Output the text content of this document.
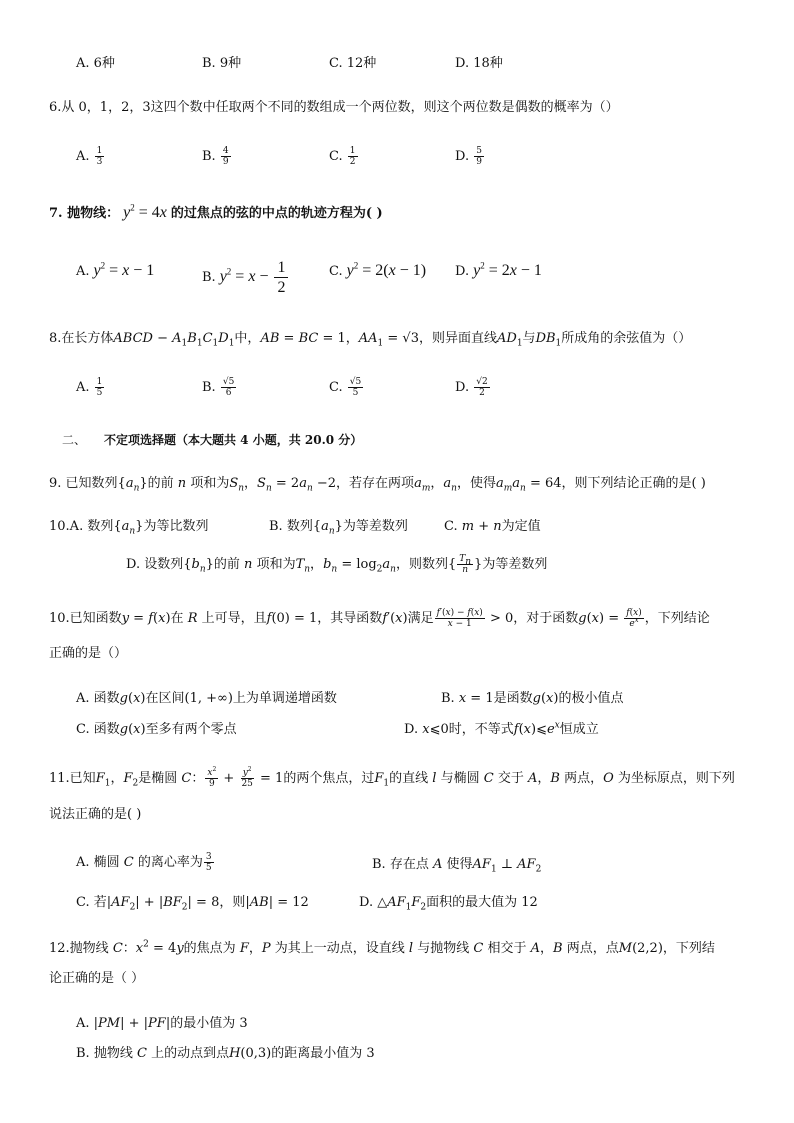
A. 6种	B. 9种	C. 12种	D. 18种
6.从 0，1，2，3这四个数中任取两个不同的数组成一个两位数，则这个两位数是偶数的概率为（）
A. $\frac{1}{3}$	B. $\frac{4}{9}$	C. $\frac{1}{2}$	D. $\frac{5}{9}$
7. 抛物线： $y^2 = 4x$ 的过焦点的弦的中点的轨迹方程为( )
A. $y^2 = x - 1$	B. $y^2 = x - \frac{1}{2}$	C. $y^2 = 2(x - 1)$ D. $y^2 = 2x - 1$
8.在长方体ABCD − $A_1B_1C_1D_1$中，AB = BC = 1，$AA_1 = √3$，则异面直线$AD_1$与$DB_1$所成角的余弦值为（）
A. $\frac{1}{5}$	B. $\frac{√5}{6}$	C. $\frac{√5}{5}$	D. $\frac{√2}{2}$
二、 不定项选择题（本大题共 4 小题，共 20.0 分）
9. 已知数列$\{a_n\}$的前 n 项和为$S_n$，$S_n = 2a_n -2$，若存在两项$a_m$，$a_n$，使得$a_ma_n = 64$，则下列结论正确的是( )
10.A. 数列$\{a_n\}$为等比数列	B. 数列$\{a_n\}$为等差数列	C. m + n为定值
D. 设数列$\{b_n\}$的前 n 项和为$T_n$，$b_n = \log_2a_n$，则数列{ $\frac{T_n}{n}$ }为等差数列
10.已知函数y = f(x)在 R 上可导，且f(0) = 1，其导函数f′(x)满足 $\frac{f'(x) - f(x)}{x - 1} > 0$，对于函数$g(x) = \frac{f(x)}{e^x}$ ，下列结论
正确的是（）
A. 函数g(x)在区间(1, +∞)上为单调递增函数	B. x = 1是函数g(x)的极小值点
C. 函数g(x)至多有两个零点	D. x⩽0时，不等式$f(x)⩽e^x$恒成立
11.已知$F_1$，$F_2$是椭圆 C： $\frac{x^2}{9} + \frac{y^2}{25} = 1$的两个焦点，过$F_1$的直线 l 与椭圆 C 交于 A，B 两点，O 为坐标原点，则下列
说法正确的是( )
A. 椭圆 C 的离心率为 $\frac{3}{5}$	B. 存在点 A 使得$AF_1$ ⊥ $AF_2$
C. 若$|AF_2| + |BF_2| = 8$，则|AB| = 12	D. $\triangle AF_1F_2$面积的最大值为 12
12.抛物线 C：$x^2 = 4y$的焦点为 F，P 为其上一动点，设直线 l 与抛物线 C 相交于 A，B 两点，点M(2,2)，下列结
论正确的是（ ）
A. |PM| + |PF|的最小值为 3
B. 抛物线 C 上的动点到点H(0,3)的距离最小值为 3
